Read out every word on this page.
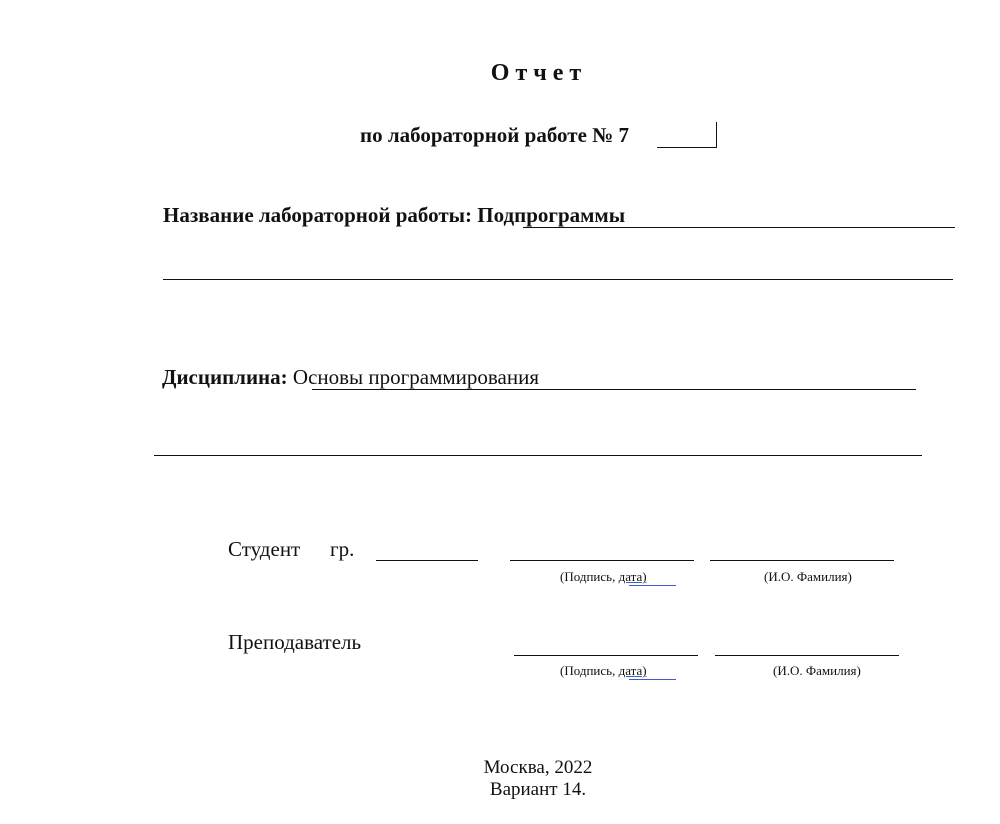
О т ч е т
по лабораторной работе № 7
Название лабораторной работы: Подпрограммы
Дисциплина: Основы программирования
Студент гр.
(Подпись, дата)	(И.О. Фамилия)
Преподаватель
(Подпись, дата)	(И.О. Фамилия)
Москва, 2022
Вариант 14.
